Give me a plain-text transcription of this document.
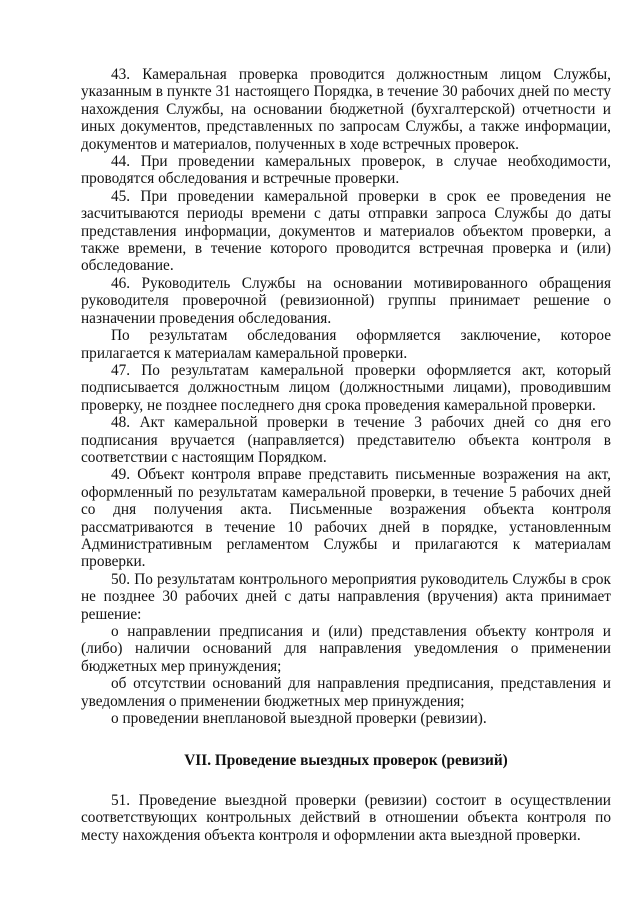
43. Камеральная проверка проводится должностным лицом Службы, указанным в пункте 31 настоящего Порядка, в течение 30 рабочих дней по месту нахождения Службы, на основании бюджетной (бухгалтерской) отчетности и иных документов, представленных по запросам Службы, а также информации, документов и материалов, полученных в ходе встречных проверок.

44. При проведении камеральных проверок, в случае необходимости, проводятся обследования и встречные проверки.

45. При проведении камеральной проверки в срок ее проведения не засчитываются периоды времени с даты отправки запроса Службы до даты представления информации, документов и материалов объектом проверки, а также времени, в течение которого проводится встречная проверка и (или) обследование.

46. Руководитель Службы на основании мотивированного обращения руководителя проверочной (ревизионной) группы принимает решение о назначении проведения обследования.

По результатам обследования оформляется заключение, которое прилагается к материалам камеральной проверки.

47. По результатам камеральной проверки оформляется акт, который подписывается должностным лицом (должностными лицами), проводившим проверку, не позднее последнего дня срока проведения камеральной проверки.

48. Акт камеральной проверки в течение 3 рабочих дней со дня его подписания вручается (направляется) представителю объекта контроля в соответствии с настоящим Порядком.

49. Объект контроля вправе представить письменные возражения на акт, оформленный по результатам камеральной проверки, в течение 5 рабочих дней со дня получения акта. Письменные возражения объекта контроля рассматриваются в течение 10 рабочих дней в порядке, установленным Административным регламентом Службы и прилагаются к материалам проверки.

50. По результатам контрольного мероприятия руководитель Службы в срок не позднее 30 рабочих дней с даты направления (вручения) акта принимает решение:

о направлении предписания и (или) представления объекту контроля и (либо) наличии оснований для направления уведомления о применении бюджетных мер принуждения;

об отсутствии оснований для направления предписания, представления и уведомления о применении бюджетных мер принуждения;

о проведении внеплановой выездной проверки (ревизии).

VII. Проведение выездных проверок (ревизий)

51. Проведение выездной проверки (ревизии) состоит в осуществлении соответствующих контрольных действий в отношении объекта контроля по месту нахождения объекта контроля и оформлении акта выездной проверки.
